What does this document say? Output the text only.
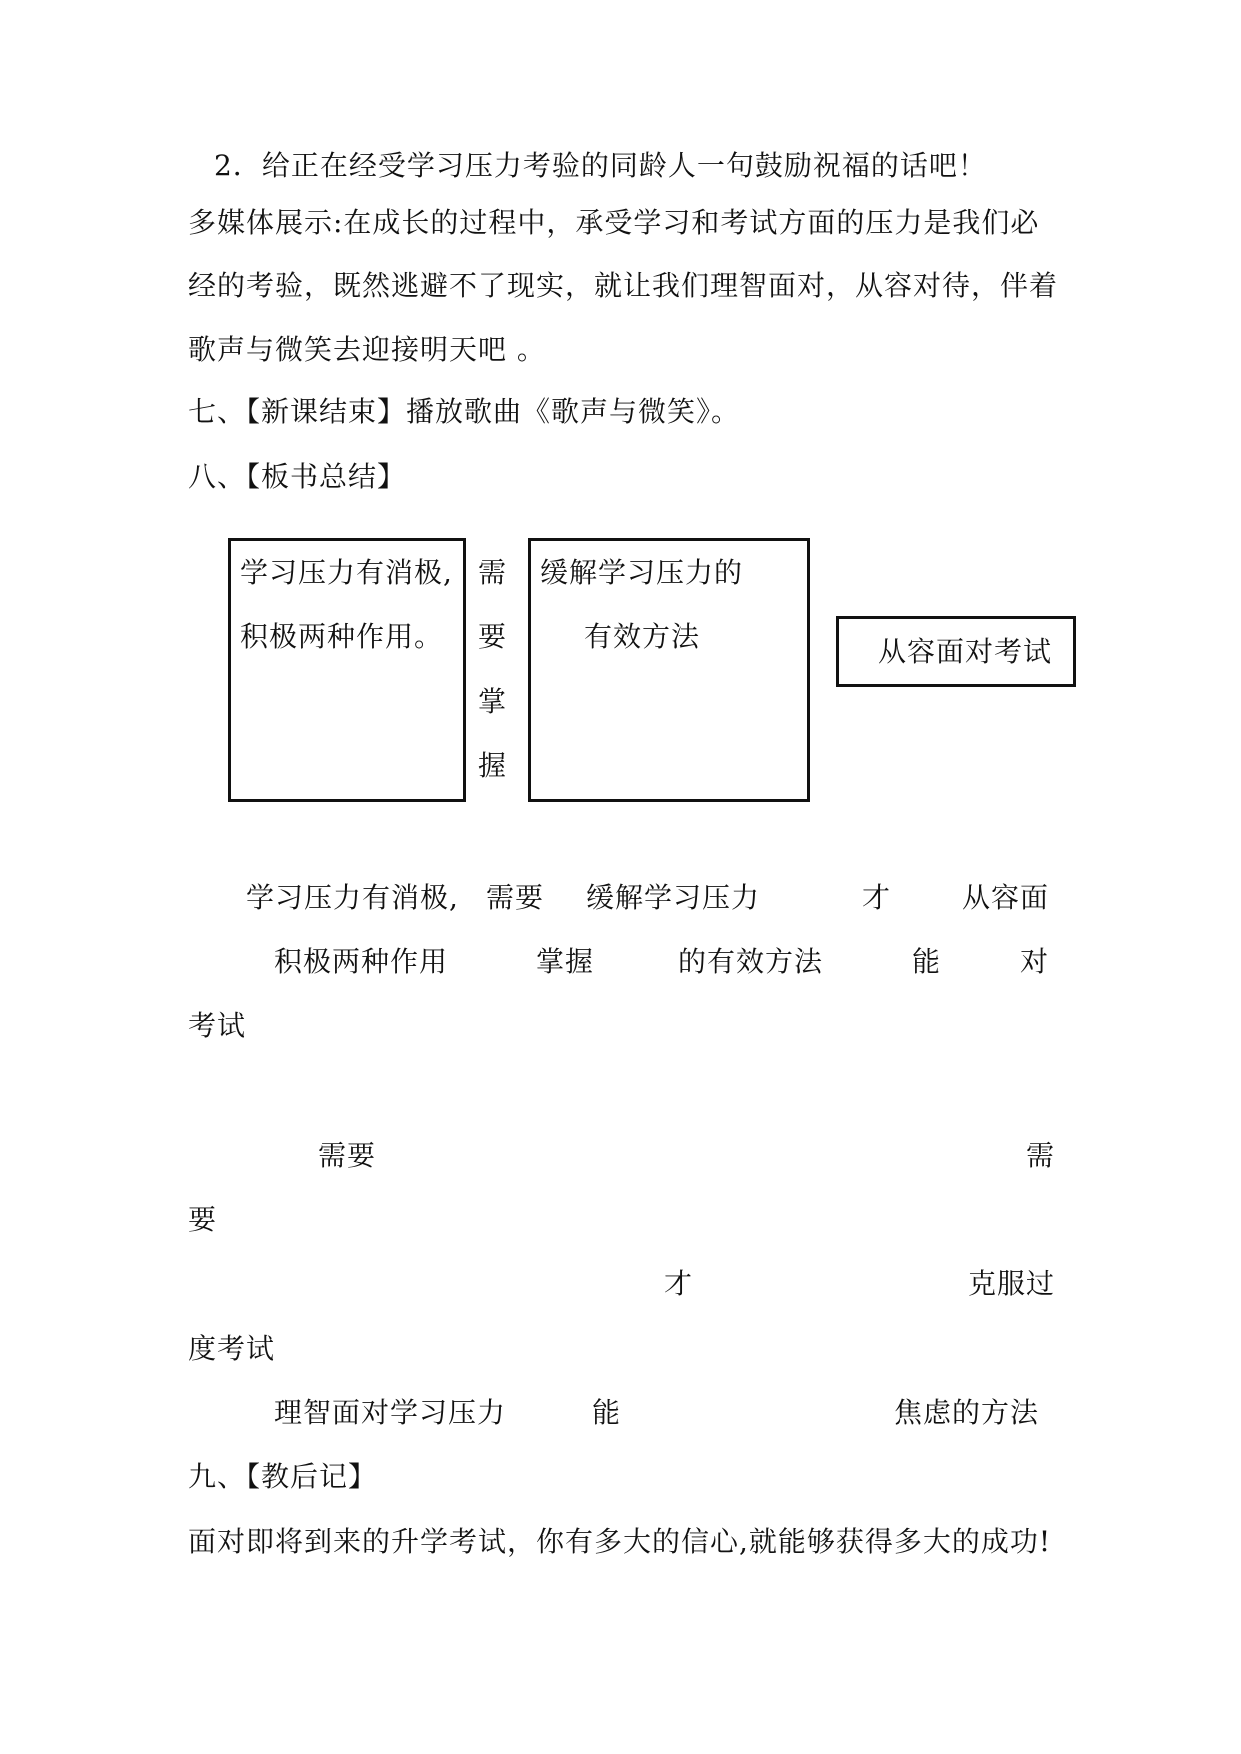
2．给正在经受学习压力考验的同龄人一句鼓励祝福的话吧！
多媒体展示:在成长的过程中，承受学习和考试方面的压力是我们必
经的考验，既然逃避不了现实，就让我们理智面对，从容对待，伴着
歌声与微笑去迎接明天吧 。
七、【新课结束】播放歌曲《歌声与微笑》。
八、【板书总结】
学习压力有消极,
积极两种作用。
需
要
掌
握
缓解学习压力的
有效方法	从容面对考试
学习压力有消极, 需要 缓解学习压力	才	从容面
积极两种作用	掌握	的有效方法	能	对
考试
需要	需
要
才	克服过
度考试
理智面对学习压力	能	焦虑的方法
九、【教后记】
面对即将到来的升学考试，你有多大的信心,就能够获得多大的成功!
